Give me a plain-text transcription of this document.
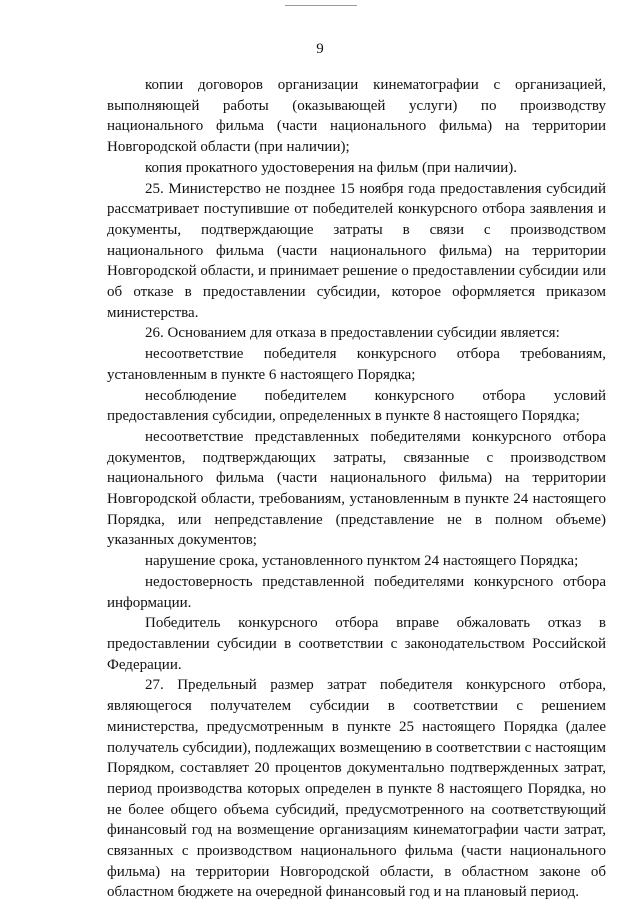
9

копии договоров организации кинематографии с организацией, выполняющей работы (оказывающей услуги) по производству национального фильма (части национального фильма) на территории Новгородской области (при наличии);

копия прокатного удостоверения на фильм (при наличии).

25. Министерство не позднее 15 ноября года предоставления субсидий рассматривает поступившие от победителей конкурсного отбора заявления и документы, подтверждающие затраты в связи с производством национального фильма (части национального фильма) на территории Новгородской области, и принимает решение о предоставлении субсидии или об отказе в предоставлении субсидии, которое оформляется приказом министерства.

26. Основанием для отказа в предоставлении субсидии является:

несоответствие победителя конкурсного отбора требованиям, установленным в пункте 6 настоящего Порядка;

несоблюдение победителем конкурсного отбора условий предоставления субсидии, определенных в пункте 8 настоящего Порядка;

несоответствие представленных победителями конкурсного отбора документов, подтверждающих затраты, связанные с производством национального фильма (части национального фильма) на территории Новгородской области, требованиям, установленным в пункте 24 настоящего Порядка, или непредставление (представление не в полном объеме) указанных документов;

нарушение срока, установленного пунктом 24 настоящего Порядка;

недостоверность представленной победителями конкурсного отбора информации.

Победитель конкурсного отбора вправе обжаловать отказ в предоставлении субсидии в соответствии с законодательством Российской Федерации.

27. Предельный размер затрат победителя конкурсного отбора, являющегося получателем субсидии в соответствии с решением министерства, предусмотренным в пункте 25 настоящего Порядка (далее получатель субсидии), подлежащих возмещению в соответствии с настоящим Порядком, составляет 20 процентов документально подтвержденных затрат, период производства которых определен в пункте 8 настоящего Порядка, но не более общего объема субсидий, предусмотренного на соответствующий финансовый год на возмещение организациям кинематографии части затрат, связанных с производством национального фильма (части национального фильма) на территории Новгородской области, в областном законе об областном бюджете на очередной финансовый год и на плановый период.
